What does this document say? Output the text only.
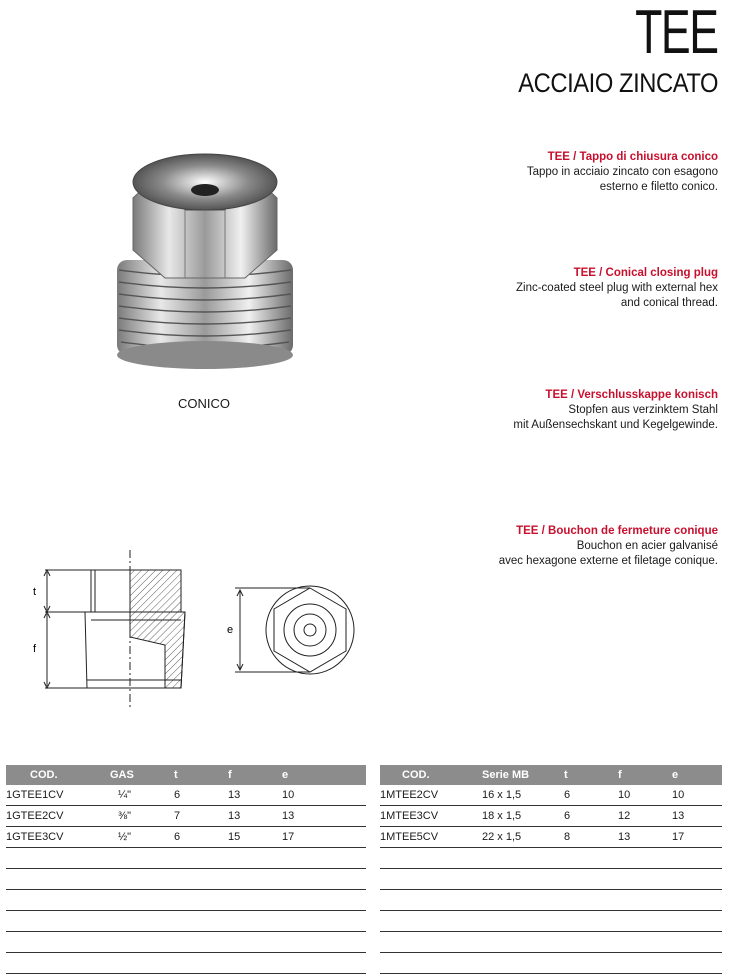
TEE
ACCIAIO ZINCATO
CONICO
TEE / Tappo di chiusura conico
Tappo in acciaio zincato con esagono
esterno e filetto conico.
TEE / Conical closing plug
Zinc-coated steel plug with external hex
and conical thread.
TEE / Verschlusskappe konisch
Stopfen aus verzinktem Stahl
mit Außensechskant und Kegelgewinde.
TEE / Bouchon de fermeture conique
Bouchon en acier galvanisé
avec hexagone externe et filetage conique.
t
f
e
COD.	GAS	t	f	e
1GTEE1CV	¼"	6	13	10
1GTEE2CV	⅜"	7	13	13
1GTEE3CV	½"	6	15	17

COD.	Serie MB	t	f	e
1MTEE2CV	16 x 1,5	6	10	10
1MTEE3CV	18 x 1,5	6	12	13
1MTEE5CV	22 x 1,5	8	13	17
